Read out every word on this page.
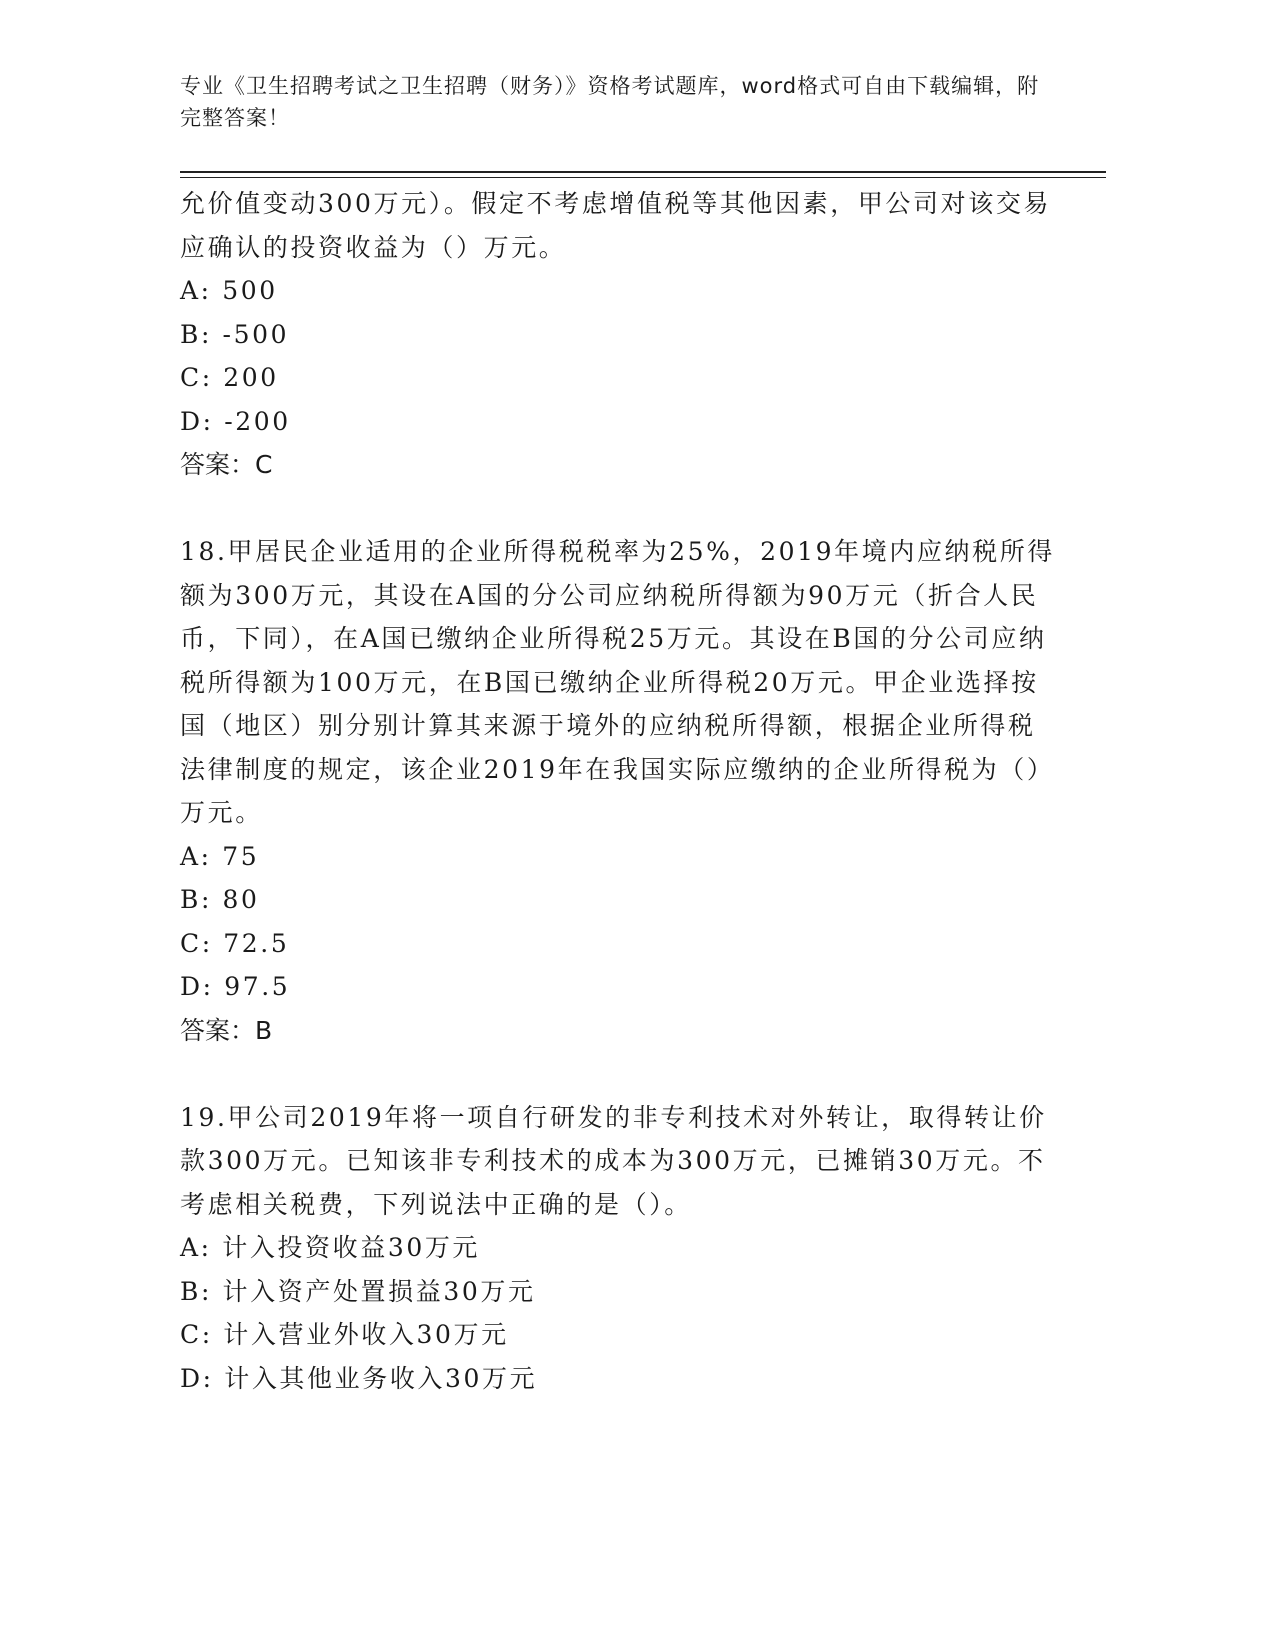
专业《卫生招聘考试之卫生招聘（财务）》资格考试题库，word格式可自由下载编辑，附完整答案！

允价值变动300万元）。假定不考虑增值税等其他因素，甲公司对该交易应确认的投资收益为（）万元。

A: 500

B: -500

C: 200

D: -200

答案：C

18.甲居民企业适用的企业所得税税率为25%，2019年境内应纳税所得额为300万元，其设在A国的分公司应纳税所得额为90万元（折合人民币，下同），在A国已缴纳企业所得税25万元。其设在B国的分公司应纳税所得额为100万元，在B国已缴纳企业所得税20万元。甲企业选择按国（地区）别分别计算其来源于境外的应纳税所得额，根据企业所得税法律制度的规定，该企业2019年在我国实际应缴纳的企业所得税为（）万元。

A: 75

B: 80

C: 72.5

D: 97.5

答案：B

19.甲公司2019年将一项自行研发的非专利技术对外转让，取得转让价款300万元。已知该非专利技术的成本为300万元，已摊销30万元。不考虑相关税费，下列说法中正确的是（）。

A: 计入投资收益30万元

B: 计入资产处置损益30万元

C: 计入营业外收入30万元

D: 计入其他业务收入30万元
